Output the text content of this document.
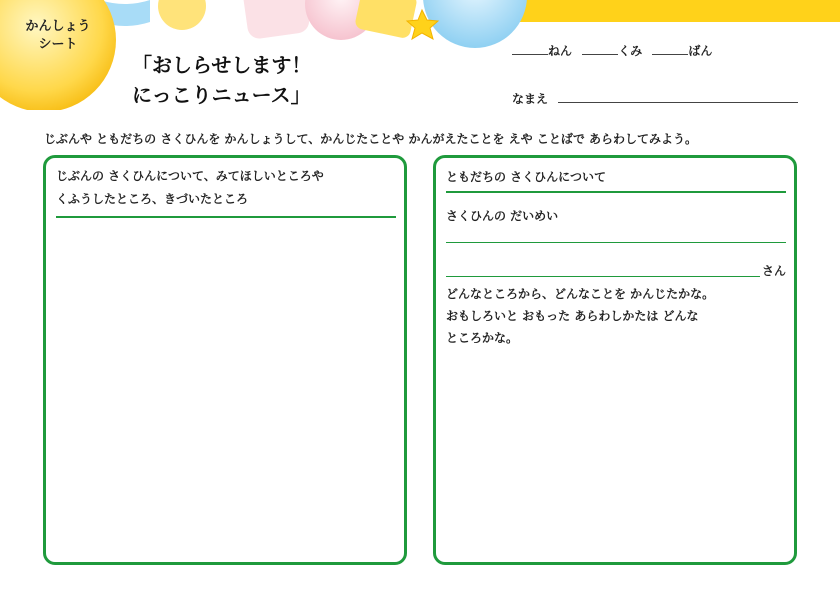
かんしょう
シート
「おしらせします！
にっこりニュース」
ねん	くみ	ばん
なまえ
じぶんや ともだちの さくひんを かんしょうして、かんじたことや かんがえたことを えや ことばで あらわしてみよう。
じぶんの さくひんについて、みてほしいところや
くふうしたところ、きづいたところ
ともだちの さくひんについて
さくひんの だいめい
さん
どんなところから、どんなことを かんじたかな。
おもしろいと おもった あらわしかたは どんな
ところかな。
